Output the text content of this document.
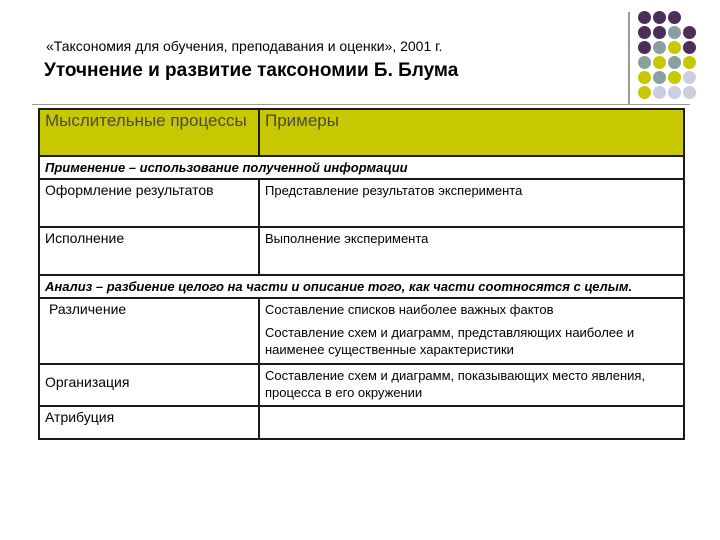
«Таксономия для обучения, преподавания и оценки», 2001 г.
Уточнение и развитие таксономии Б. Блума
Мыслительные процессы	Примеры
Применение – использование полученной информации	
Оформление результатов	Представление результатов эксперимента

Исполнение	Выполнение эксперимента

Анализ – разбиение целого на части и описание того, как части соотносятся с целым.	
Различение	Составление списков наиболее важных фактов

Составление схем и диаграмм, представляющих наиболее и наименее существенные характеристики

Организация	Составление схем и диаграмм, показывающих место явления, процесса в его окружении

Атрибуция	
